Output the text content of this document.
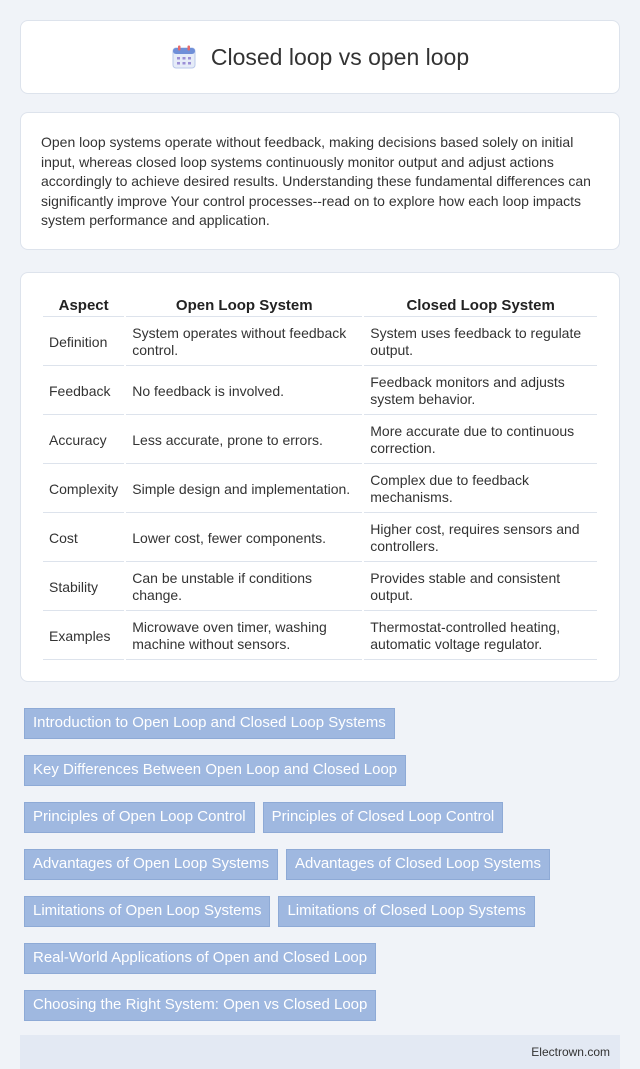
Closed loop vs open loop

Open loop systems operate without feedback, making decisions based solely on initial input, whereas closed loop systems continuously monitor output and adjust actions accordingly to achieve desired results. Understanding these fundamental differences can significantly improve Your control processes--read on to explore how each loop impacts system performance and application.

Aspect	Open Loop System	Closed Loop System
Definition	System operates without feedback control.	System uses feedback to regulate output.
Feedback	No feedback is involved.	Feedback monitors and adjusts system behavior.
Accuracy	Less accurate, prone to errors.	More accurate due to continuous correction.
Complexity	Simple design and implementation.	Complex due to feedback mechanisms.
Cost	Lower cost, fewer components.	Higher cost, requires sensors and controllers.
Stability	Can be unstable if conditions change.	Provides stable and consistent output.
Examples	Microwave oven timer, washing machine without sensors.	Thermostat-controlled heating, automatic voltage regulator.
Introduction to Open Loop and Closed Loop Systems
Key Differences Between Open Loop and Closed Loop
Principles of Open Loop Control	Principles of Closed Loop Control
Advantages of Open Loop Systems	Advantages of Closed Loop Systems
Limitations of Open Loop Systems	Limitations of Closed Loop Systems
Real-World Applications of Open and Closed Loop
Choosing the Right System: Open vs Closed Loop
Electrown.com
